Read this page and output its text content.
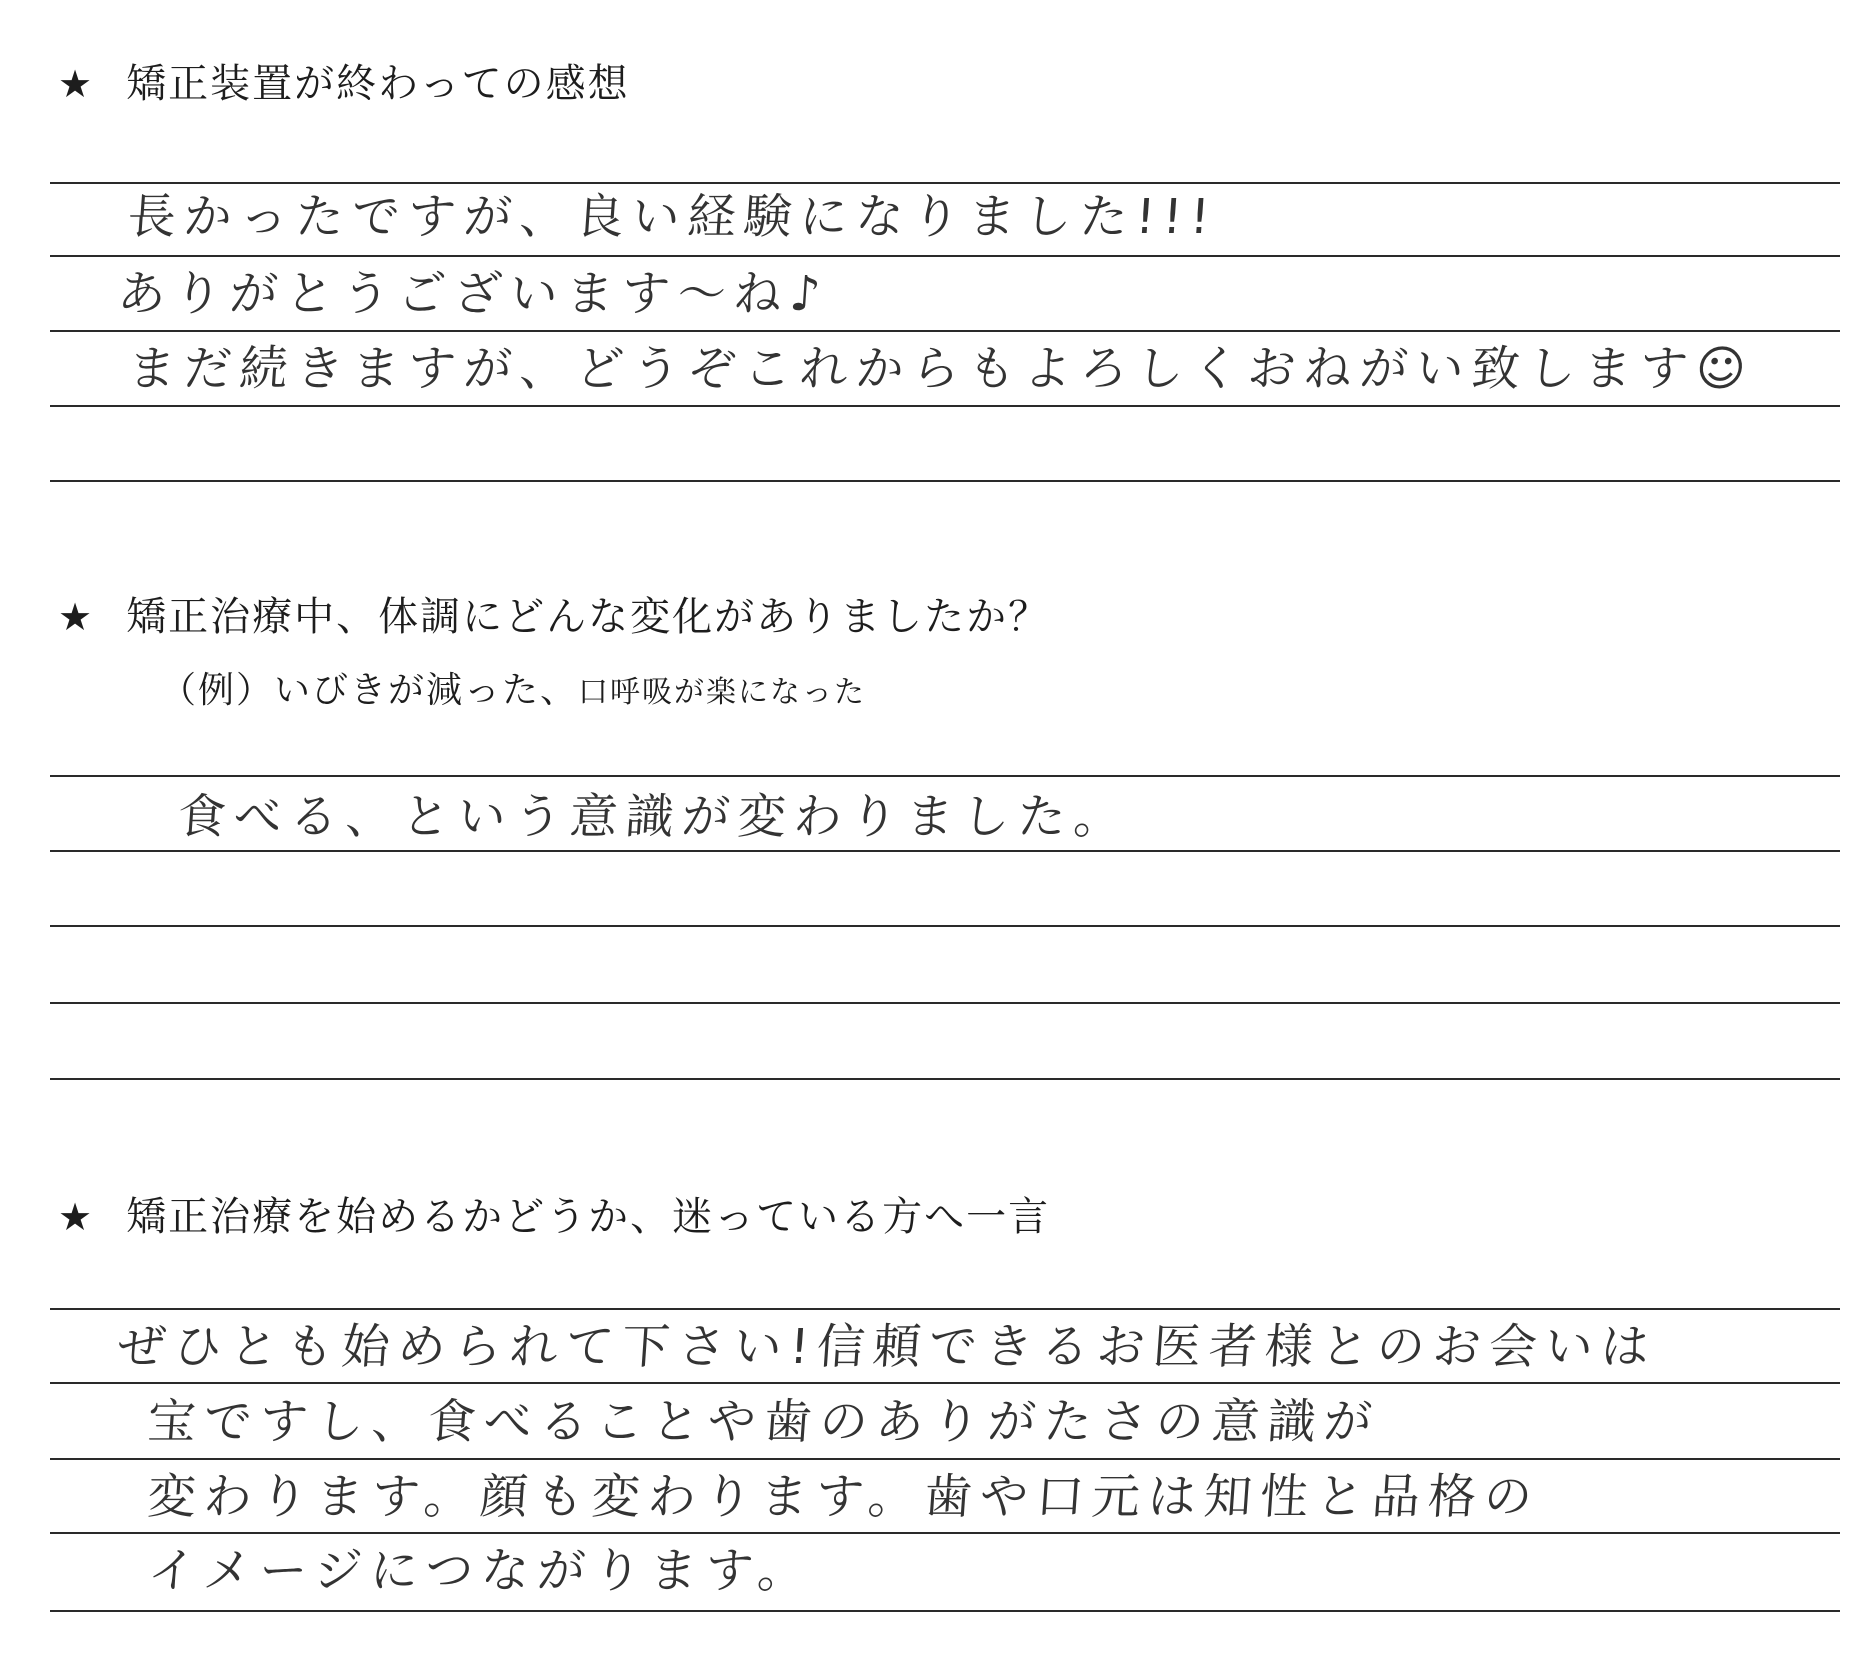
★ 矯正装置が終わっての感想
長かったですが、良い経験になりました!!!
ありがとうございます〜ね♪
まだ続きますが、どうぞこれからもよろしくおねがい致します☺
★ 矯正治療中、体調にどんな変化がありましたか？
（例）いびきが減った、口呼吸が楽になった
食べる、という意識が変わりました。
★ 矯正治療を始めるかどうか、迷っている方へ一言
ぜひとも始められて下さい!信頼できるお医者様とのお会いは
宝ですし、食べることや歯のありがたさの意識が
変わります。顔も変わります。歯や口元は知性と品格の
イメージにつながります。
